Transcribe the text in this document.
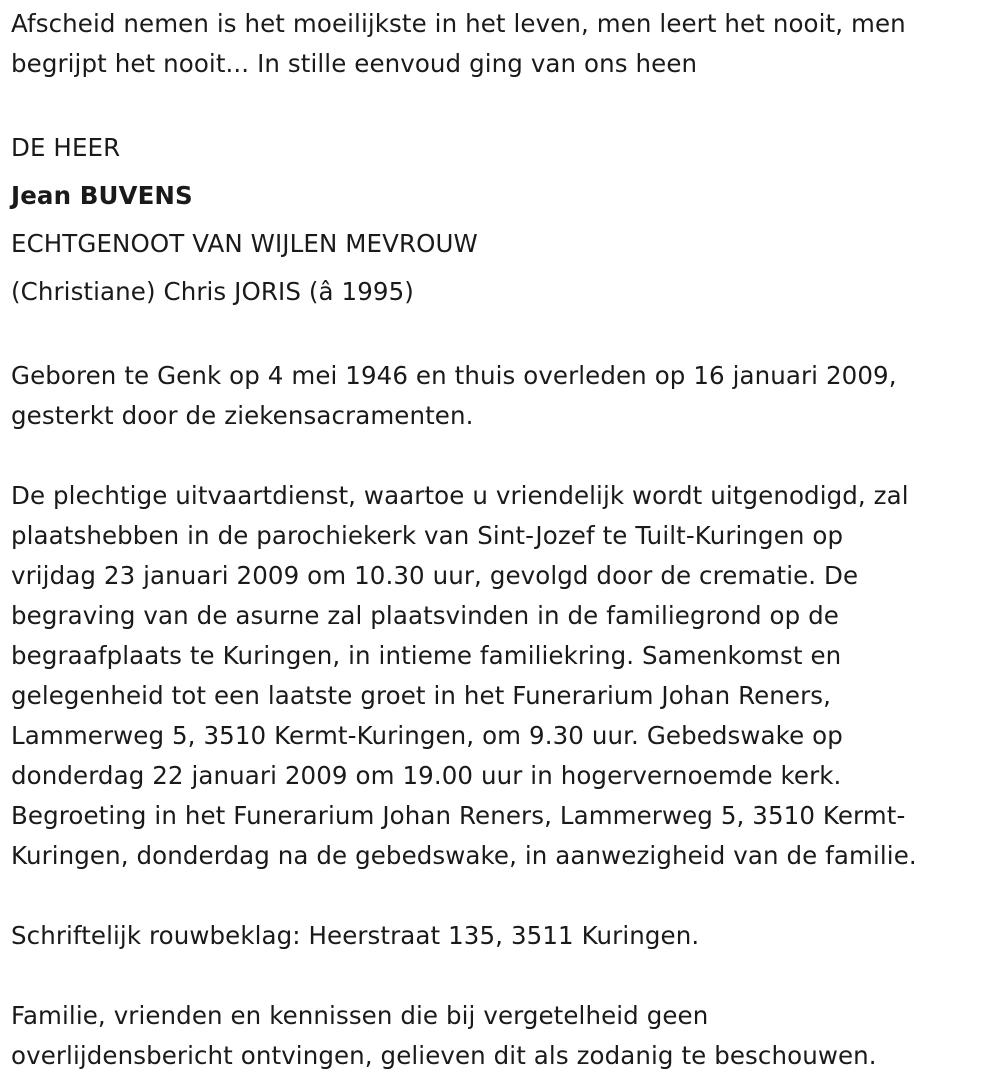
Afscheid nemen is het moeilijkste in het leven, men leert het nooit, men

begrijpt het nooit... In stille eenvoud ging van ons heen

DE HEER

Jean BUVENS

ECHTGENOOT VAN WIJLEN MEVROUW

(Christiane) Chris JORIS (â 1995)

Geboren te Genk op 4 mei 1946 en thuis overleden op 16 januari 2009,

gesterkt door de ziekensacramenten.

De plechtige uitvaartdienst, waartoe u vriendelijk wordt uitgenodigd, zal

plaatshebben in de parochiekerk van Sint-Jozef te Tuilt-Kuringen op

vrijdag 23 januari 2009 om 10.30 uur, gevolgd door de crematie. De

begraving van de asurne zal plaatsvinden in de familiegrond op de

begraafplaats te Kuringen, in intieme familiekring. Samenkomst en

gelegenheid tot een laatste groet in het Funerarium Johan Reners,

Lammerweg 5, 3510 Kermt-Kuringen, om 9.30 uur. Gebedswake op

donderdag 22 januari 2009 om 19.00 uur in hogervernoemde kerk.

Begroeting in het Funerarium Johan Reners, Lammerweg 5, 3510 Kermt-

Kuringen, donderdag na de gebedswake, in aanwezigheid van de familie.

Schriftelijk rouwbeklag: Heerstraat 135, 3511 Kuringen.

Familie, vrienden en kennissen die bij vergetelheid geen

overlijdensbericht ontvingen, gelieven dit als zodanig te beschouwen.
